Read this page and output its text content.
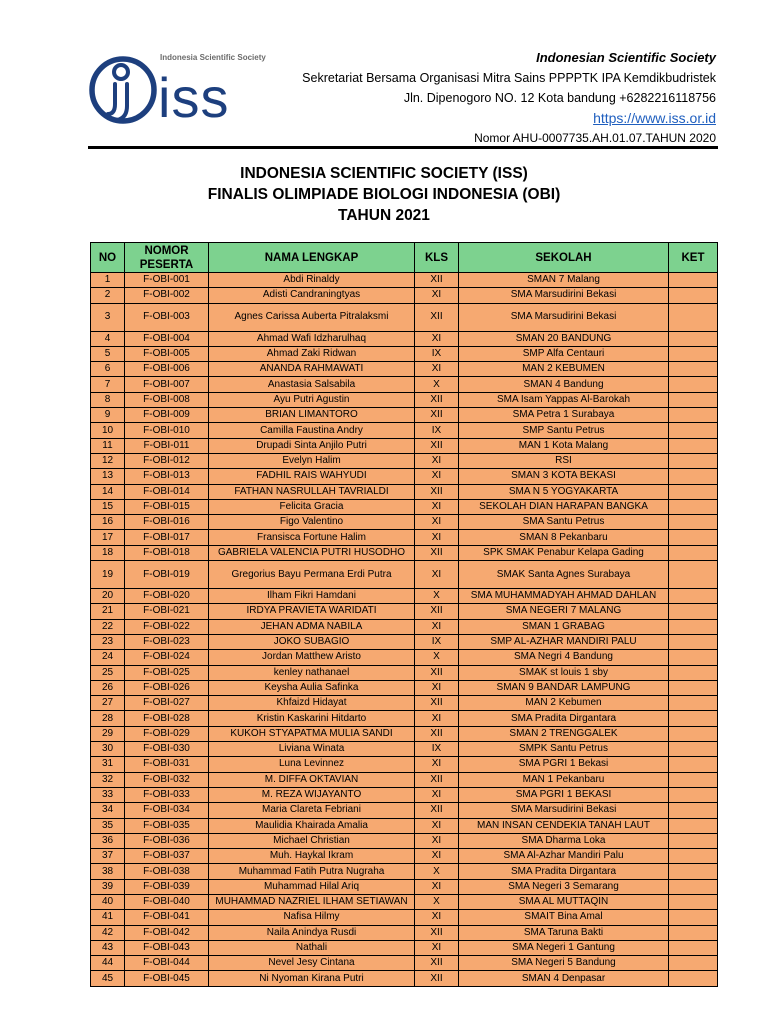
Indonesia Scientific Society
iss
Indonesian Scientific Society
Sekretariat Bersama Organisasi Mitra Sains PPPPTK IPA Kemdikbudristek
Jln. Dipenogoro NO. 12 Kota bandung +6282216118756
https://www.iss.or.id
Nomor AHU-0007735.AH.01.07.TAHUN 2020
INDONESIA SCIENTIFIC SOCIETY (ISS)
FINALIS OLIMPIADE BIOLOGI INDONESIA (OBI)
TAHUN 2021
NO	NOMOR PESERTA	NAMA LENGKAP	KLS	SEKOLAH	KET
1	F-OBI-001	Abdi Rinaldy	XII	SMAN 7 Malang	
2	F-OBI-002	Adisti Candraningtyas	XI	SMA Marsudirini Bekasi	
3	F-OBI-003	Agnes Carissa Auberta Pitralaksmi	XII	SMA Marsudirini Bekasi	
4	F-OBI-004	Ahmad Wafi Idzharulhaq	XI	SMAN 20 BANDUNG	
5	F-OBI-005	Ahmad Zaki Ridwan	IX	SMP Alfa Centauri	
6	F-OBI-006	ANANDA RAHMAWATI	XI	MAN 2 KEBUMEN	
7	F-OBI-007	Anastasia Salsabila	X	SMAN 4 Bandung	
8	F-OBI-008	Ayu Putri Agustin	XII	SMA Isam Yappas Al-Barokah	
9	F-OBI-009	BRIAN LIMANTORO	XII	SMA Petra 1 Surabaya	
10	F-OBI-010	Camilla Faustina Andry	IX	SMP Santu Petrus	
11	F-OBI-011	Drupadi Sinta Anjilo Putri	XII	MAN 1 Kota Malang	
12	F-OBI-012	Evelyn Halim	XI	RSI	
13	F-OBI-013	FADHIL RAIS WAHYUDI	XI	SMAN 3 KOTA BEKASI	
14	F-OBI-014	FATHAN NASRULLAH TAVRIALDI	XII	SMA N 5 YOGYAKARTA	
15	F-OBI-015	Felicita Gracia	XI	SEKOLAH DIAN HARAPAN BANGKA	
16	F-OBI-016	Figo Valentino	XI	SMA Santu Petrus	
17	F-OBI-017	Fransisca Fortune Halim	XI	SMAN 8 Pekanbaru	
18	F-OBI-018	GABRIELA VALENCIA PUTRI HUSODHO	XII	SPK SMAK Penabur Kelapa Gading	
19	F-OBI-019	Gregorius Bayu Permana Erdi Putra	XI	SMAK Santa Agnes Surabaya	
20	F-OBI-020	Ilham Fikri Hamdani	X	SMA MUHAMMADYAH AHMAD DAHLAN	
21	F-OBI-021	IRDYA PRAVIETA WARIDATI	XII	SMA NEGERI 7 MALANG	
22	F-OBI-022	JEHAN ADMA NABILA	XI	SMAN 1 GRABAG	
23	F-OBI-023	JOKO SUBAGIO	IX	SMP AL-AZHAR MANDIRI PALU	
24	F-OBI-024	Jordan Matthew Aristo	X	SMA Negri 4 Bandung	
25	F-OBI-025	kenley nathanael	XII	SMAK st louis 1 sby	
26	F-OBI-026	Keysha Aulia Safinka	XI	SMAN 9 BANDAR LAMPUNG	
27	F-OBI-027	Khfaizd Hidayat	XII	MAN 2 Kebumen	
28	F-OBI-028	Kristin Kaskarini Hitdarto	XI	SMA Pradita Dirgantara	
29	F-OBI-029	KUKOH STYAPATMA MULIA SANDI	XII	SMAN 2 TRENGGALEK	
30	F-OBI-030	Liviana Winata	IX	SMPK Santu Petrus	
31	F-OBI-031	Luna Levinnez	XI	SMA PGRI 1 Bekasi	
32	F-OBI-032	M. DIFFA OKTAVIAN	XII	MAN 1 Pekanbaru	
33	F-OBI-033	M. REZA WIJAYANTO	XI	SMA PGRI 1 BEKASI	
34	F-OBI-034	Maria Clareta Febriani	XII	SMA Marsudirini Bekasi	
35	F-OBI-035	Maulidia Khairada Amalia	XI	MAN INSAN CENDEKIA TANAH LAUT	
36	F-OBI-036	Michael Christian	XI	SMA Dharma Loka	
37	F-OBI-037	Muh. Haykal Ikram	XI	SMA Al-Azhar Mandiri Palu	
38	F-OBI-038	Muhammad Fatih Putra Nugraha	X	SMA Pradita Dirgantara	
39	F-OBI-039	Muhammad Hilal Ariq	XI	SMA Negeri 3 Semarang	
40	F-OBI-040	MUHAMMAD NAZRIEL ILHAM SETIAWAN	X	SMA AL MUTTAQIN	
41	F-OBI-041	Nafisa Hilmy	XI	SMAIT Bina Amal	
42	F-OBI-042	Naila Anindya Rusdi	XII	SMA Taruna Bakti	
43	F-OBI-043	Nathali	XI	SMA Negeri 1 Gantung	
44	F-OBI-044	Nevel Jesy Cintana	XII	SMA Negeri 5 Bandung	
45	F-OBI-045	Ni Nyoman Kirana Putri	XII	SMAN 4 Denpasar	
